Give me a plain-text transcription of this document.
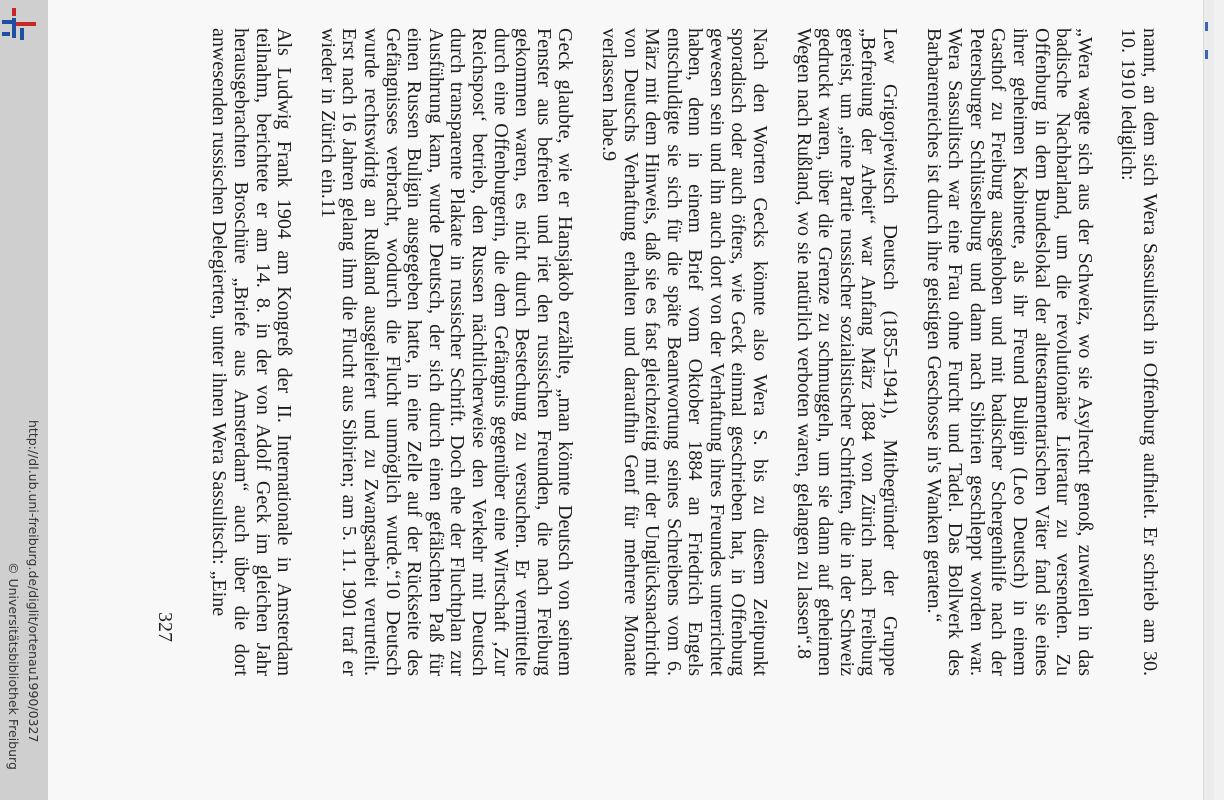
http://dl.ub.uni-freiburg.de/diglit/ortenau1990/0327
© Universitätsbibliothek Freiburg	nannt, an dem sich Wera Sassulitsch in Offenburg aufhielt. Er schrieb am 30. 10. 1910 lediglich:

„Wera wagte sich aus der Schweiz, wo sie Asylrecht genoß, zuweilen in das badische Nachbarland, um die revolutionäre Literatur zu versenden. Zu Offenburg in dem Bundeslokal der alttestamentarischen Väter fand sie eines ihrer geheimen Kabinette, als ihr Freund Buligin (Leo Deutsch) in einem Gasthof zu Freiburg ausgehoben und mit badischer Schergenhilfe nach der Petersburger Schlüsselburg und dann nach Sibirien geschleppt worden war. Wera Sassulitsch war eine Frau ohne Furcht und Tadel. Das Bollwerk des Barbarenreiches ist durch ihre geistigen Geschosse in's Wanken geraten.“

Lew Grigorjewitsch Deutsch (1855–1941), Mitbegründer der Gruppe „Befreiung der Arbeit“ war Anfang März 1884 von Zürich nach Freiburg gereist, um „eine Partie russischer sozialistischer Schriften, die in der Schweiz gedruckt waren, über die Grenze zu schmuggeln, um sie dann auf geheimen Wegen nach Rußland, wo sie natürlich verboten waren, gelangen zu lassen“.8

Nach den Worten Gecks könnte also Wera S. bis zu diesem Zeitpunkt sporadisch oder auch öfters, wie Geck einmal geschrieben hat, in Offenburg gewesen sein und ihn auch dort von der Verhaftung ihres Freundes unterrichtet haben, denn in einem Brief vom Oktober 1884 an Friedrich Engels entschuldigte sie sich für die späte Beantwortung seines Schreibens vom 6. März mit dem Hinweis, daß sie es fast gleichzeitig mit der Unglücksnachricht von Deutschs Verhaftung erhalten und daraufhin Genf für mehrere Monate verlassen habe.9

Geck glaubte, wie er Hansjakob erzählte, „man könnte Deutsch von seinem Fenster aus befreien und riet den russischen Freunden, die nach Freiburg gekommen waren, es nicht durch Bestechung zu versuchen. Er vermittelte durch eine Offenburgerin, die dem Gefängnis gegenüber eine Wirtschaft ‚Zur Reichspost‘ betrieb, den Russen nächtlicherweise den Verkehr mit Deutsch durch transparente Plakate in russischer Schrift. Doch ehe der Fluchtplan zur Ausführung kam, wurde Deutsch, der sich durch einen gefälschten Paß für einen Russen Buligin ausgegeben hatte, in eine Zelle auf der Rückseite des Gefängnisses verbracht, wodurch die Flucht unmöglich wurde.“10 Deutsch wurde rechtswidrig an Rußland ausgeliefert und zu Zwangsarbeit verurteilt. Erst nach 16 Jahren gelang ihm die Flucht aus Sibirien; am 5. 11. 1901 traf er wieder in Zürich ein.11

Als Ludwig Frank 1904 am Kongreß der II. Internationale in Amsterdam teilnahm, berichtete er am 14. 8. in der von Adolf Geck im gleichen Jahr herausgebrachten Broschüre „Briefe aus Amsterdam“ auch über die dort anwesenden russischen Delegierten, unter ihnen Wera Sassulitsch: „Eine

327
